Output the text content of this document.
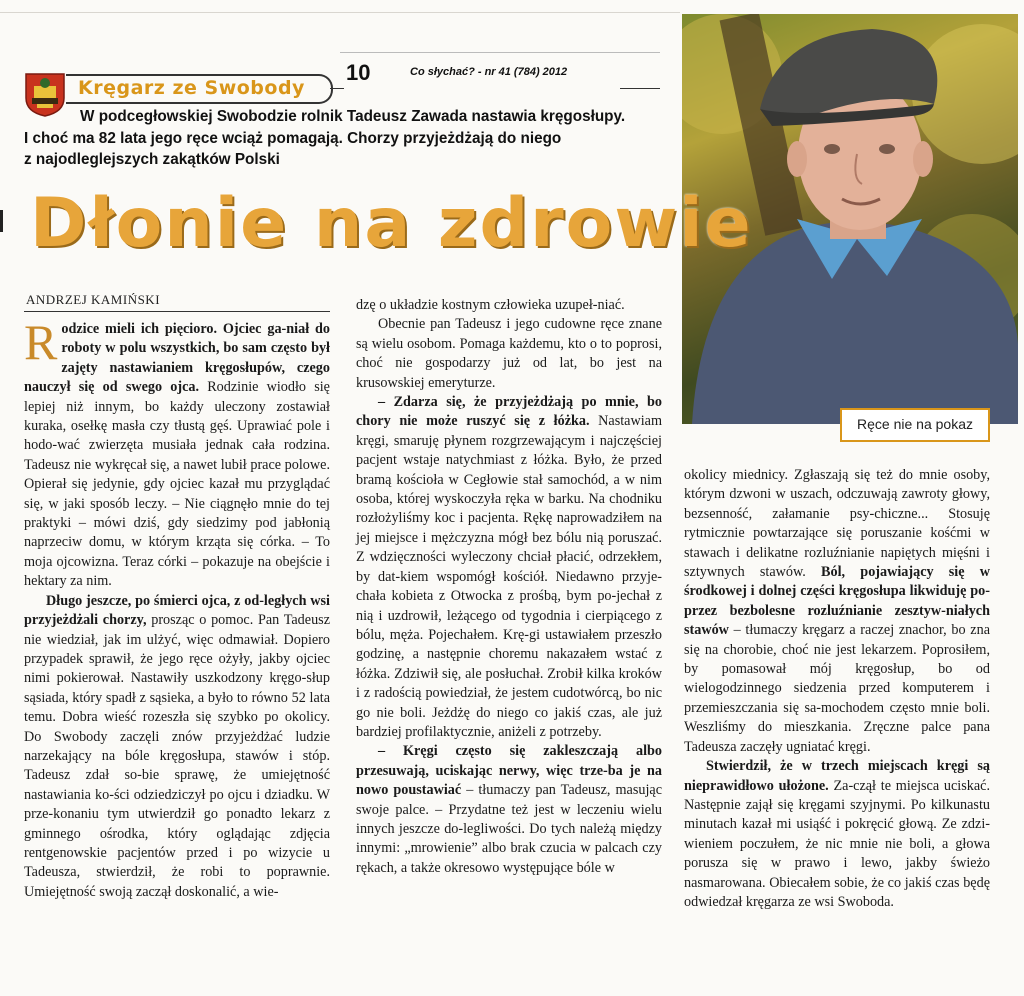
Kręgarz ze Swobody
10	Co słychać? - nr 41 (784) 2012
W podcegłowskiej Swobodzie rolnik Tadeusz Zawada nastawia kręgosłupy.
I choć ma 82 lata jego ręce wciąż pomagają. Chorzy przyjeżdżają do niego
z najodleglejszych zakątków Polski
Ręce nie na pokaz
Dłonie na zdrowie
ANDRZEJ KAMIŃSKI

Rodzice mieli ich pięcioro. Ojciec ga-niał do roboty w polu wszystkich, bo sam często był zajęty nastawianiem kręgosłupów, czego nauczył się od swego ojca. Rodzinie wiodło się lepiej niż innym, bo każdy uleczony zostawiał kuraka, osełkę masła czy tłustą gęś. Uprawiać pole i hodo-wać zwierzęta musiała jednak cała rodzina. Tadeusz nie wykręcał się, a nawet lubił prace polowe. Opierał się jedynie, gdy ojciec kazał mu przyglądać się, w jaki sposób leczy. – Nie ciągnęło mnie do tej praktyki – mówi dziś, gdy siedzimy pod jabłonią naprzeciw domu, w którym krząta się córka. – To moja ojcowizna. Teraz córki – pokazuje na obejście i hektary za nim.

Długo jeszcze, po śmierci ojca, z od-ległych wsi przyjeżdżali chorzy, prosząc o pomoc. Pan Tadeusz nie wiedział, jak im ulżyć, więc odmawiał. Dopiero przypadek sprawił, że jego ręce ożyły, jakby ojciec nimi pokierował. Nastawiły uszkodzony kręgo-słup sąsiada, który spadł z sąsieka, a było to równo 52 lata temu. Dobra wieść rozeszła się szybko po okolicy. Do Swobody zaczęli znów przyjeżdżać ludzie narzekający na bóle kręgosłupa, stawów i stóp. Tadeusz zdał so-bie sprawę, że umiejętność nastawiania ko-ści odziedziczył po ojcu i dziadku. W prze-konaniu tym utwierdził go ponadto lekarz z gminnego ośrodka, który oglądając zdjęcia rentgenowskie pacjentów przed i po wizycie u Tadeusza, stwierdził, że robi to poprawnie. Umiejętność swoją zaczął doskonalić, a wie-

dzę o układzie kostnym człowieka uzupeł-niać.

Obecnie pan Tadeusz i jego cudowne ręce znane są wielu osobom. Pomaga każdemu, kto o to poprosi, choć nie gospodarzy już od lat, bo jest na krusowskiej emeryturze.

– Zdarza się, że przyjeżdżają po mnie, bo chory nie może ruszyć się z łóżka. Nastawiam kręgi, smaruję płynem rozgrzewającym i najczęściej pacjent wstaje natychmiast z łóżka. Było, że przed bramą kościoła w Cegłowie stał samochód, a w nim osoba, której wyskoczyła ręka w barku. Na chodniku rozłożyliśmy koc i pacjenta. Rękę naprowadziłem na jej miejsce i mężczyzna mógł bez bólu nią poruszać. Z wdzięczności wyleczony chciał płacić, odrzekłem, by dat-kiem wspomógł kościół. Niedawno przyje-chała kobieta z Otwocka z prośbą, bym po-jechał z nią i uzdrowił, leżącego od tygodnia i cierpiącego z bólu, męża. Pojechałem. Krę-gi ustawiałem przeszło godzinę, a następnie choremu nakazałem wstać z łóżka. Zdziwił się, ale posłuchał. Zrobił kilka kroków i z radością powiedział, że jestem cudotwórcą, bo nic go nie boli. Jeżdżę do niego co jakiś czas, ale już bardziej profilaktycznie, aniżeli z potrzeby.

– Kręgi często się zakleszczają albo przesuwają, uciskając nerwy, więc trze-ba je na nowo poustawiać – tłumaczy pan Tadeusz, masując swoje palce. – Przydatne też jest w leczeniu wielu innych jeszcze do-legliwości. Do tych należą między innymi: „mrowienie” albo brak czucia w palcach czy rękach, a także okresowo występujące bóle w

okolicy miednicy. Zgłaszają się też do mnie osoby, którym dzwoni w uszach, odczuwają zawroty głowy, bezsenność, załamanie psy-chiczne... Stosuję rytmicznie powtarzające się poruszanie kośćmi w stawach i delikatne rozluźnianie napiętych mięśni i sztywnych stawów. Ból, pojawiający się w środkowej i dolnej części kręgosłupa likwiduję po-przez bezbolesne rozluźnianie zesztyw-niałych stawów – tłumaczy kręgarz a raczej znachor, bo zna się na chorobie, choć nie jest lekarzem. Poprosiłem, by pomasował mój kręgosłup, bo od wielogodzinnego siedzenia przed komputerem i przemieszczania się sa-mochodem często mnie boli. Weszliśmy do mieszkania. Zręczne palce pana Tadeusza zaczęły ugniatać kręgi.

Stwierdził, że w trzech miejscach kręgi są nieprawidłowo ułożone. Za-czął te miejsca uciskać. Następnie zajął się kręgami szyjnymi. Po kilkunastu minutach kazał mi usiąść i pokręcić głową. Ze zdzi-wieniem poczułem, że nic mnie nie boli, a głowa porusza się w prawo i lewo, jakby świeżo nasmarowana. Obiecałem sobie, że co jakiś czas będę odwiedzał kręgarza ze wsi Swoboda.
